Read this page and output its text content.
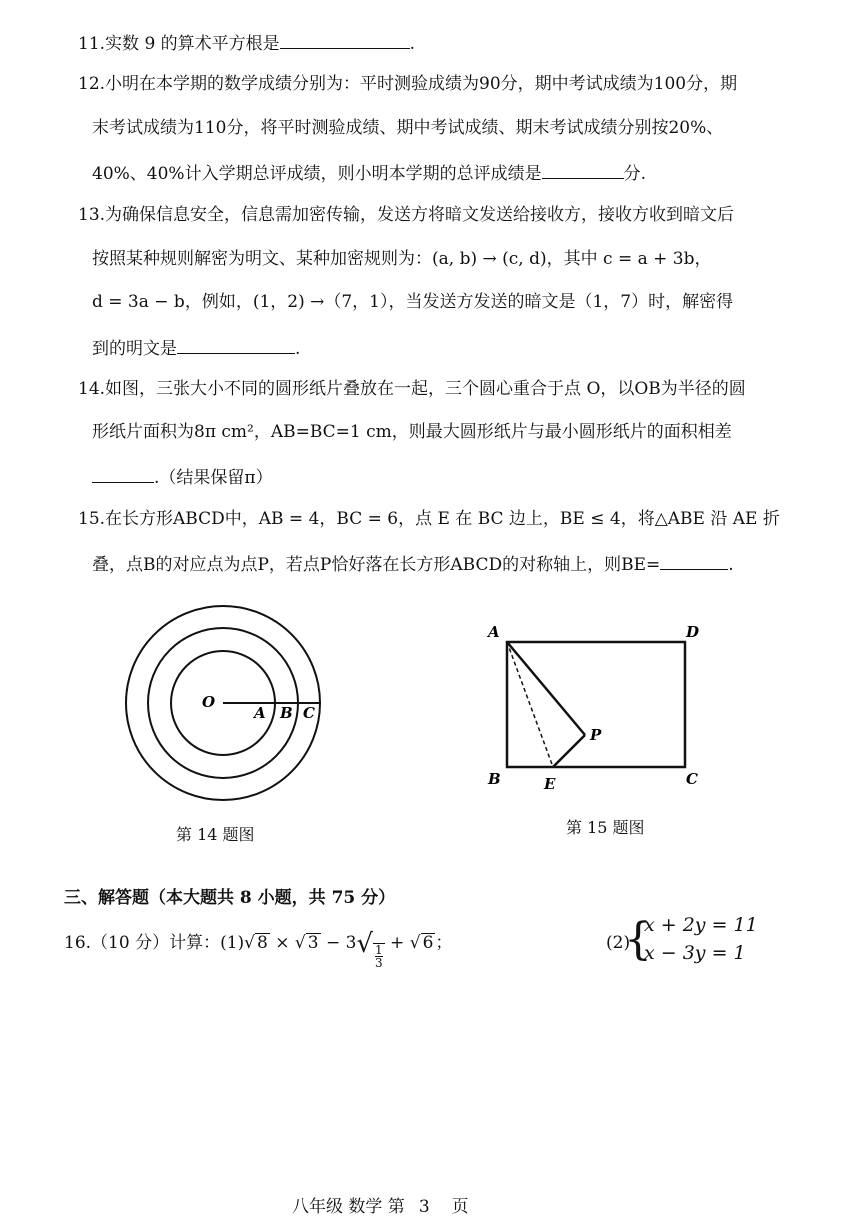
11.实数 9 的算术平方根是	.
12.小明在本学期的数学成绩分别为：平时测验成绩为90分，期中考试成绩为100分，期
末考试成绩为110分，将平时测验成绩、期中考试成绩、期末考试成绩分别按20%、
40%、40%计入学期总评成绩，则小明本学期的总评成绩是	分.
13.为确保信息安全，信息需加密传输，发送方将暗文发送给接收方，接收方收到暗文后
按照某种规则解密为明文、某种加密规则为：(a, b) → (c, d)，其中 c = a + 3b，
d = 3a − b，例如，(1，2) →（7，1），当发送方发送的暗文是（1，7）时，解密得
到的明文是	.
14.如图，三张大小不同的圆形纸片叠放在一起，三个圆心重合于点 O，以OB为半径的圆
形纸片面积为8π cm²，AB=BC=1 cm，则最大圆形纸片与最小圆形纸片的面积相差
.（结果保留π）
15.在长方形ABCD中，AB = 4，BC = 6，点 E 在 BC 边上，BE ≤ 4，将△ABE 沿 AE 折
叠，点B的对应点为点P，若点P恰好落在长方形ABCD的对称轴上，则BE=	.
O
A B C
第 14 题图
A	D
B	C
E
P
第 15 题图
三、解答题（本大题共 8 小题，共 75 分）
16.（10 分）计算：(1)√ 8 × √ $3 - 3√ \frac{1}{3}$ + √ 6 ；	(2)
{
x + 2y = 11
x − 3y = 1
八年级 数学 第 3 页
